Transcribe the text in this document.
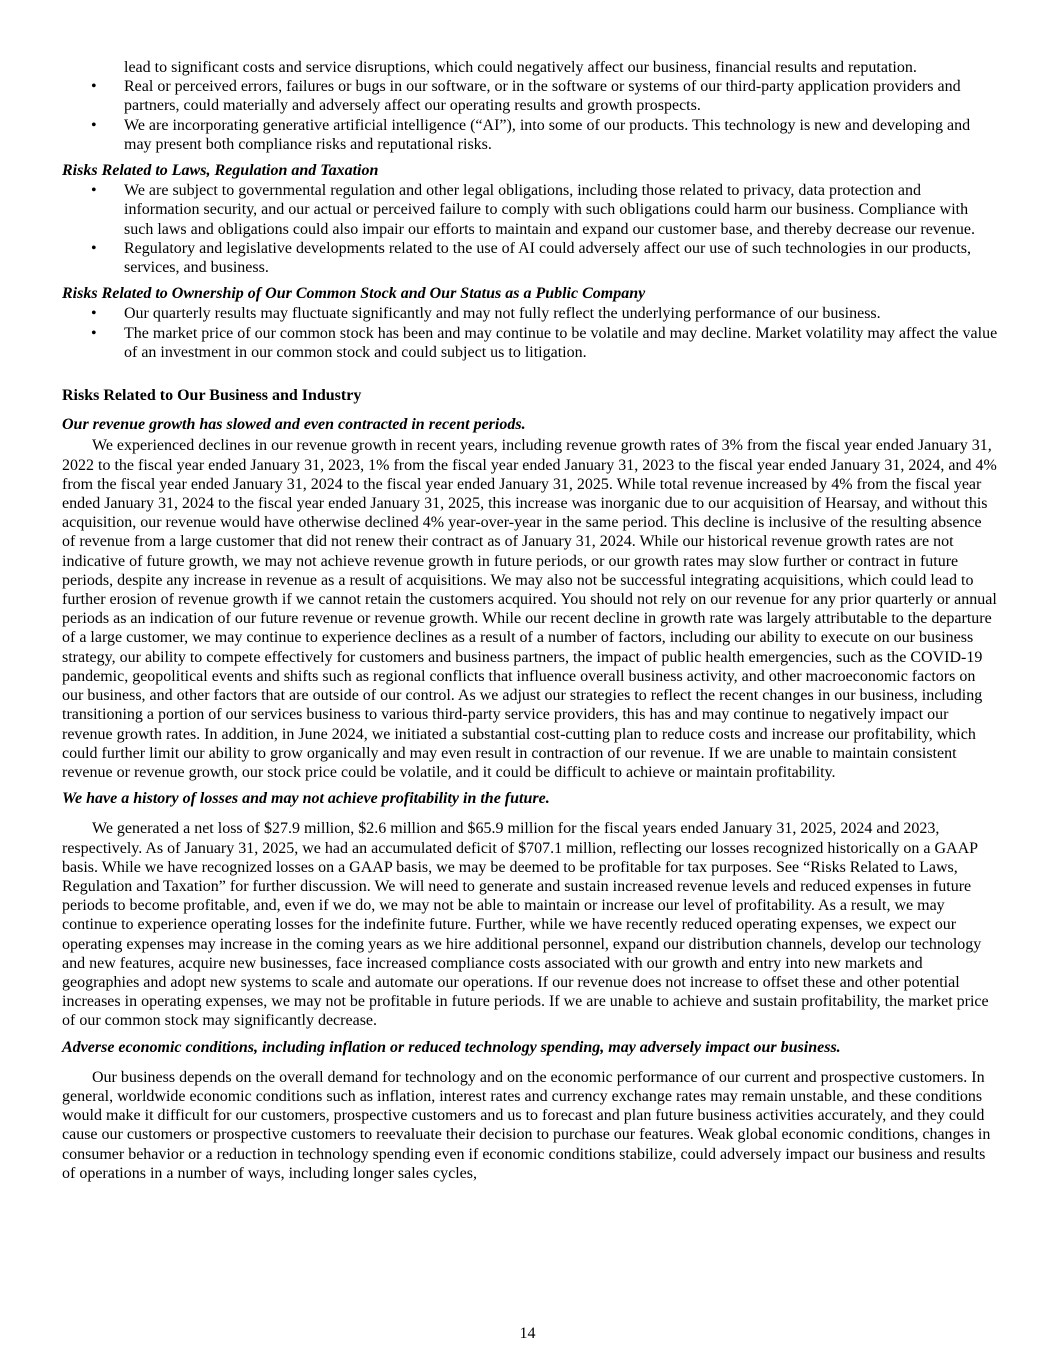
lead to significant costs and service disruptions, which could negatively affect our business, financial results and reputation.
• Real or perceived errors, failures or bugs in our software, or in the software or systems of our third-party application providers and partners, could materially and adversely affect our operating results and growth prospects.
• We are incorporating generative artificial intelligence (“AI”), into some of our products. This technology is new and developing and may present both compliance risks and reputational risks.
Risks Related to Laws, Regulation and Taxation
• We are subject to governmental regulation and other legal obligations, including those related to privacy, data protection and information security, and our actual or perceived failure to comply with such obligations could harm our business. Compliance with such laws and obligations could also impair our efforts to maintain and expand our customer base, and thereby decrease our revenue.
• Regulatory and legislative developments related to the use of AI could adversely affect our use of such technologies in our products, services, and business.
Risks Related to Ownership of Our Common Stock and Our Status as a Public Company
• Our quarterly results may fluctuate significantly and may not fully reflect the underlying performance of our business.
• The market price of our common stock has been and may continue to be volatile and may decline. Market volatility may affect the value of an investment in our common stock and could subject us to litigation.
Risks Related to Our Business and Industry
Our revenue growth has slowed and even contracted in recent periods.

We experienced declines in our revenue growth in recent years, including revenue growth rates of 3% from the fiscal year ended January 31, 2022 to the fiscal year ended January 31, 2023, 1% from the fiscal year ended January 31, 2023 to the fiscal year ended January 31, 2024, and 4% from the fiscal year ended January 31, 2024 to the fiscal year ended January 31, 2025. While total revenue increased by 4% from the fiscal year ended January 31, 2024 to the fiscal year ended January 31, 2025, this increase was inorganic due to our acquisition of Hearsay, and without this acquisition, our revenue would have otherwise declined 4% year-over-year in the same period. This decline is inclusive of the resulting absence of revenue from a large customer that did not renew their contract as of January 31, 2024. While our historical revenue growth rates are not indicative of future growth, we may not achieve revenue growth in future periods, or our growth rates may slow further or contract in future periods, despite any increase in revenue as a result of acquisitions. We may also not be successful integrating acquisitions, which could lead to further erosion of revenue growth if we cannot retain the customers acquired. You should not rely on our revenue for any prior quarterly or annual periods as an indication of our future revenue or revenue growth. While our recent decline in growth rate was largely attributable to the departure of a large customer, we may continue to experience declines as a result of a number of factors, including our ability to execute on our business strategy, our ability to compete effectively for customers and business partners, the impact of public health emergencies, such as the COVID-19 pandemic, geopolitical events and shifts such as regional conflicts that influence overall business activity, and other macroeconomic factors on our business, and other factors that are outside of our control. As we adjust our strategies to reflect the recent changes in our business, including transitioning a portion of our services business to various third-party service providers, this has and may continue to negatively impact our revenue growth rates. In addition, in June 2024, we initiated a substantial cost-cutting plan to reduce costs and increase our profitability, which could further limit our ability to grow organically and may even result in contraction of our revenue. If we are unable to maintain consistent revenue or revenue growth, our stock price could be volatile, and it could be difficult to achieve or maintain profitability.

We have a history of losses and may not achieve profitability in the future.

We generated a net loss of $27.9 million, $2.6 million and $65.9 million for the fiscal years ended January 31, 2025, 2024 and 2023, respectively. As of January 31, 2025, we had an accumulated deficit of $707.1 million, reflecting our losses recognized historically on a GAAP basis. While we have recognized losses on a GAAP basis, we may be deemed to be profitable for tax purposes. See “Risks Related to Laws, Regulation and Taxation” for further discussion. We will need to generate and sustain increased revenue levels and reduced expenses in future periods to become profitable, and, even if we do, we may not be able to maintain or increase our level of profitability. As a result, we may continue to experience operating losses for the indefinite future. Further, while we have recently reduced operating expenses, we expect our operating expenses may increase in the coming years as we hire additional personnel, expand our distribution channels, develop our technology and new features, acquire new businesses, face increased compliance costs associated with our growth and entry into new markets and geographies and adopt new systems to scale and automate our operations. If our revenue does not increase to offset these and other potential increases in operating expenses, we may not be profitable in future periods. If we are unable to achieve and sustain profitability, the market price of our common stock may significantly decrease.

Adverse economic conditions, including inflation or reduced technology spending, may adversely impact our business.

Our business depends on the overall demand for technology and on the economic performance of our current and prospective customers. In general, worldwide economic conditions such as inflation, interest rates and currency exchange rates may remain unstable, and these conditions would make it difficult for our customers, prospective customers and us to forecast and plan future business activities accurately, and they could cause our customers or prospective customers to reevaluate their decision to purchase our features. Weak global economic conditions, changes in consumer behavior or a reduction in technology spending even if economic conditions stabilize, could adversely impact our business and results of operations in a number of ways, including longer sales cycles,

14
